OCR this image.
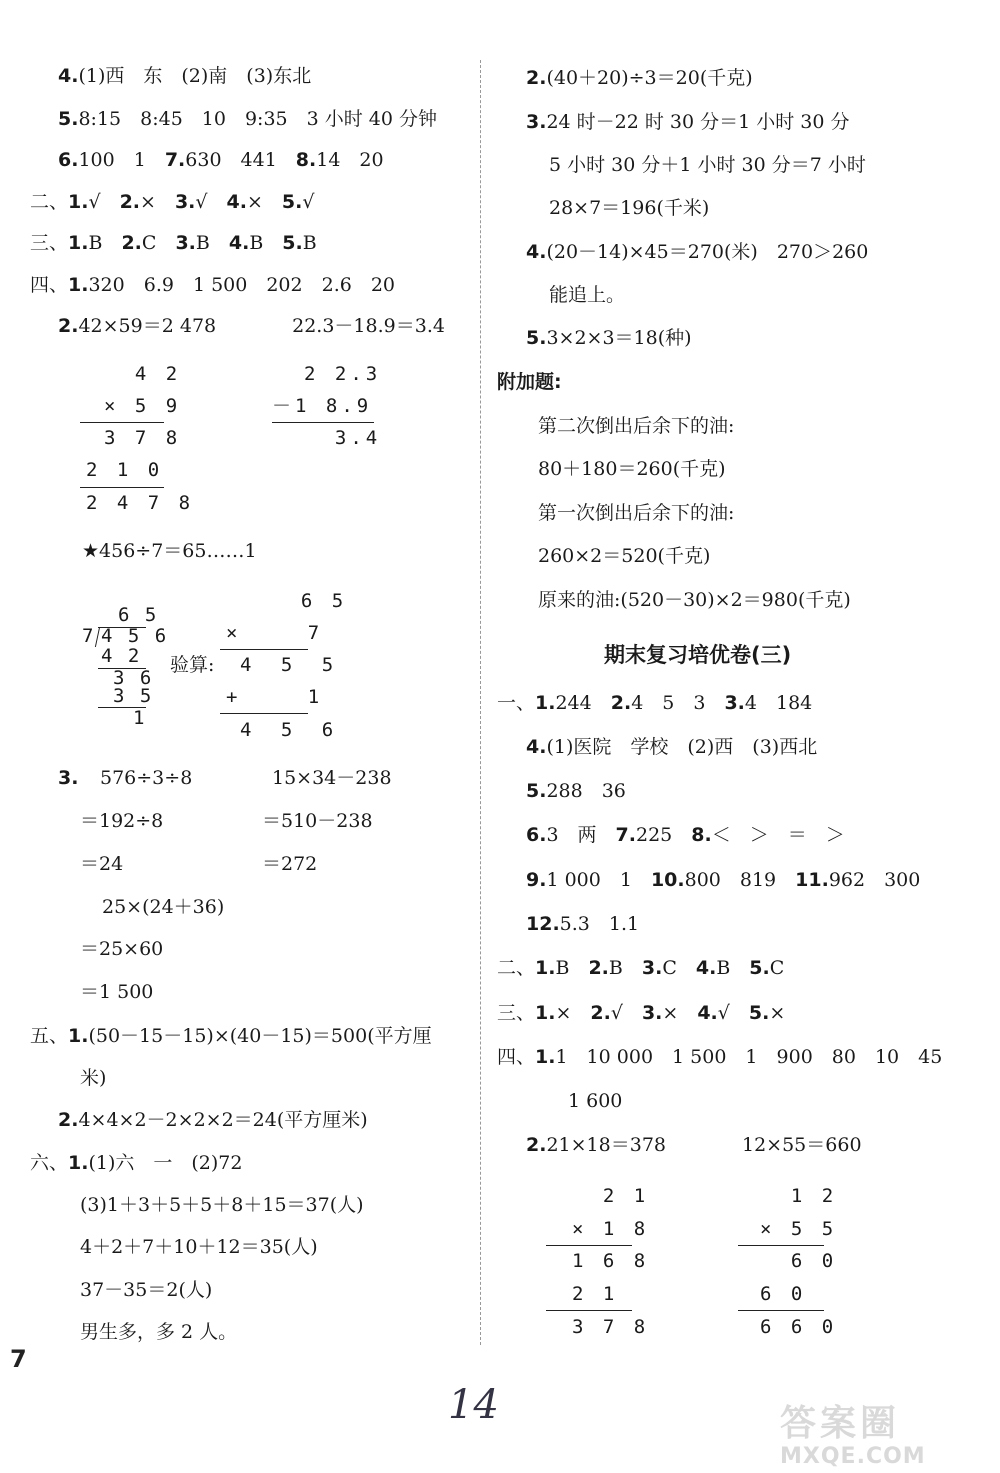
4.(1)西　东　(2)南　(3)东北
5.8:15　8:45　10　9:35　3 小时 40 分钟
6.100　1　7.630　441　8.14　20
二、1.√　2.×　3.√　4.×　5.√
三、1.B　2.C　3.B　4.B　5.B
四、1.320　6.9　1 500　202　2.6　20
2.42×59＝2 478　　　　22.3－18.9＝3.4
4 2
× 5 9
3 7 8
2 1 0
2 4 7 8
2 2.3
－1 8.9
3.4
★456÷7＝65……1
6 5
7 4 5 6
4 2
3 6
3 5
1
验算:
6 5
×   7
4 5 5
+   1
4 5 6
3. 576÷3÷8	15×34－238
＝192÷8	＝510－238
＝24	＝272
25×(24＋36)
＝25×60
＝1 500
五、1.(50－15－15)×(40－15)＝500(平方厘
米)
2.4×4×2－2×2×2＝24(平方厘米)
六、1.(1)六　一　(2)72
(3)1＋3＋5＋5＋8＋15＝37(人)
4＋2＋7＋10＋12＝35(人)
37－35＝2(人)
男生多，多 2 人。
2.(40＋20)÷3＝20(千克)
3.24 时－22 时 30 分＝1 小时 30 分
5 小时 30 分＋1 小时 30 分＝7 小时
28×7＝196(千米)
4.(20－14)×45＝270(米)　270＞260
能追上。
5.3×2×3＝18(种)
附加题:
第二次倒出后余下的油:
80＋180＝260(千克)
第一次倒出后余下的油:
260×2＝520(千克)
原来的油:(520－30)×2＝980(千克)
期末复习培优卷(三)
一、1.244　2.4　5　3　3.4　184
4.(1)医院　学校　(2)西　(3)西北
5.288　36
6.3　两　7.225　8.＜　＞　＝　＞
9.1 000　1　10.800　819　11.962　300
12.5.3　1.1
二、1.B　2.B　3.C　4.B　5.C
三、1.×　2.√　3.×　4.√　5.×
四、1.1　10 000　1 500　1　900　80　10　45
1 600
2.21×18＝378　　　　12×55＝660
2 1
× 1 8
1 6 8
2 1
3 7 8
1 2
× 5 5
6 0
6 0
6 6 0
7
14	答案圈
MXQE.COM
